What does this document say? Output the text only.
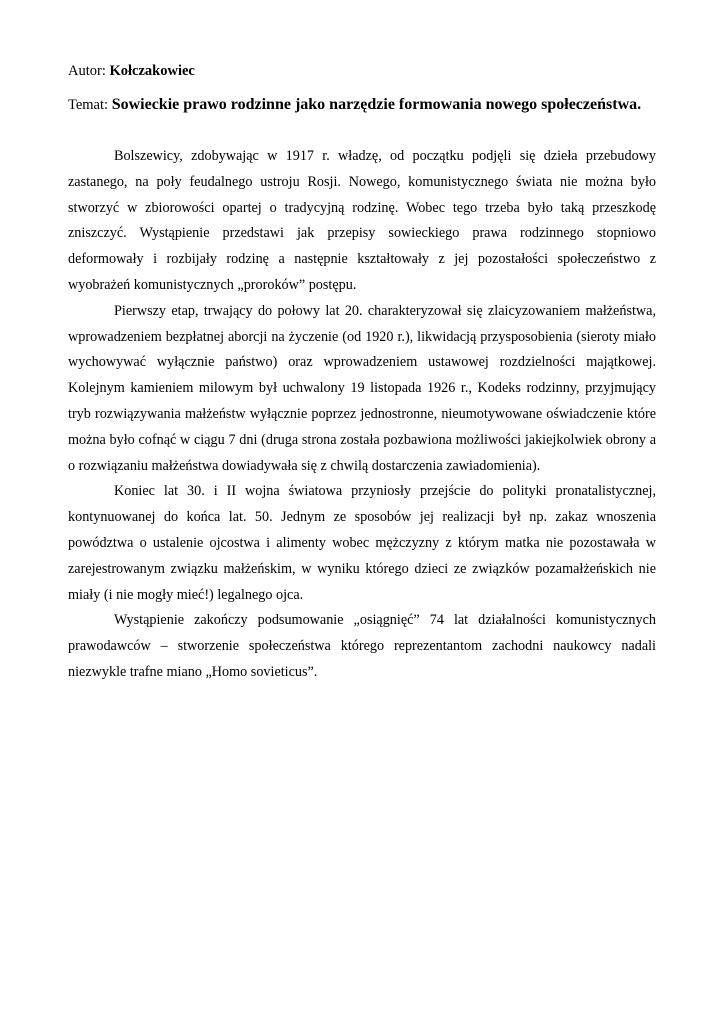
Autor: Kołczakowiec

Temat: Sowieckie prawo rodzinne jako narzędzie formowania nowego społeczeństwa.

Bolszewicy, zdobywając w 1917 r. władzę, od początku podjęli się dzieła przebudowy zastanego, na poły feudalnego ustroju Rosji. Nowego, komunistycznego świata nie można było stworzyć w zbiorowości opartej o tradycyjną rodzinę. Wobec tego trzeba było taką przeszkodę zniszczyć. Wystąpienie przedstawi jak przepisy sowieckiego prawa rodzinnego stopniowo deformowały i rozbijały rodzinę a następnie kształtowały z jej pozostałości społeczeństwo z wyobrażeń komunistycznych „proroków” postępu.

Pierwszy etap, trwający do połowy lat 20. charakteryzował się zlaicyzowaniem małżeństwa, wprowadzeniem bezpłatnej aborcji na życzenie (od 1920 r.), likwidacją przysposobienia (sieroty miało wychowywać wyłącznie państwo) oraz wprowadzeniem ustawowej rozdzielności majątkowej. Kolejnym kamieniem milowym był uchwalony 19 listopada 1926 r., Kodeks rodzinny, przyjmujący tryb rozwiązywania małżeństw wyłącznie poprzez jednostronne, nieumotywowane oświadczenie które można było cofnąć w ciągu 7 dni (druga strona została pozbawiona możliwości jakiejkolwiek obrony a o rozwiązaniu małżeństwa dowiadywała się z chwilą dostarczenia zawiadomienia).

Koniec lat 30. i II wojna światowa przyniosły przejście do polityki pronatalistycznej, kontynuowanej do końca lat. 50. Jednym ze sposobów jej realizacji był np. zakaz wnoszenia powództwa o ustalenie ojcostwa i alimenty wobec mężczyzny z którym matka nie pozostawała w zarejestrowanym związku małżeńskim, w wyniku którego dzieci ze związków pozamałżeńskich nie miały (i nie mogły mieć!) legalnego ojca.

Wystąpienie zakończy podsumowanie „osiągnięć” 74 lat działalności komunistycznych prawodawców – stworzenie społeczeństwa którego reprezentantom zachodni naukowcy nadali niezwykle trafne miano „Homo sovieticus”.
